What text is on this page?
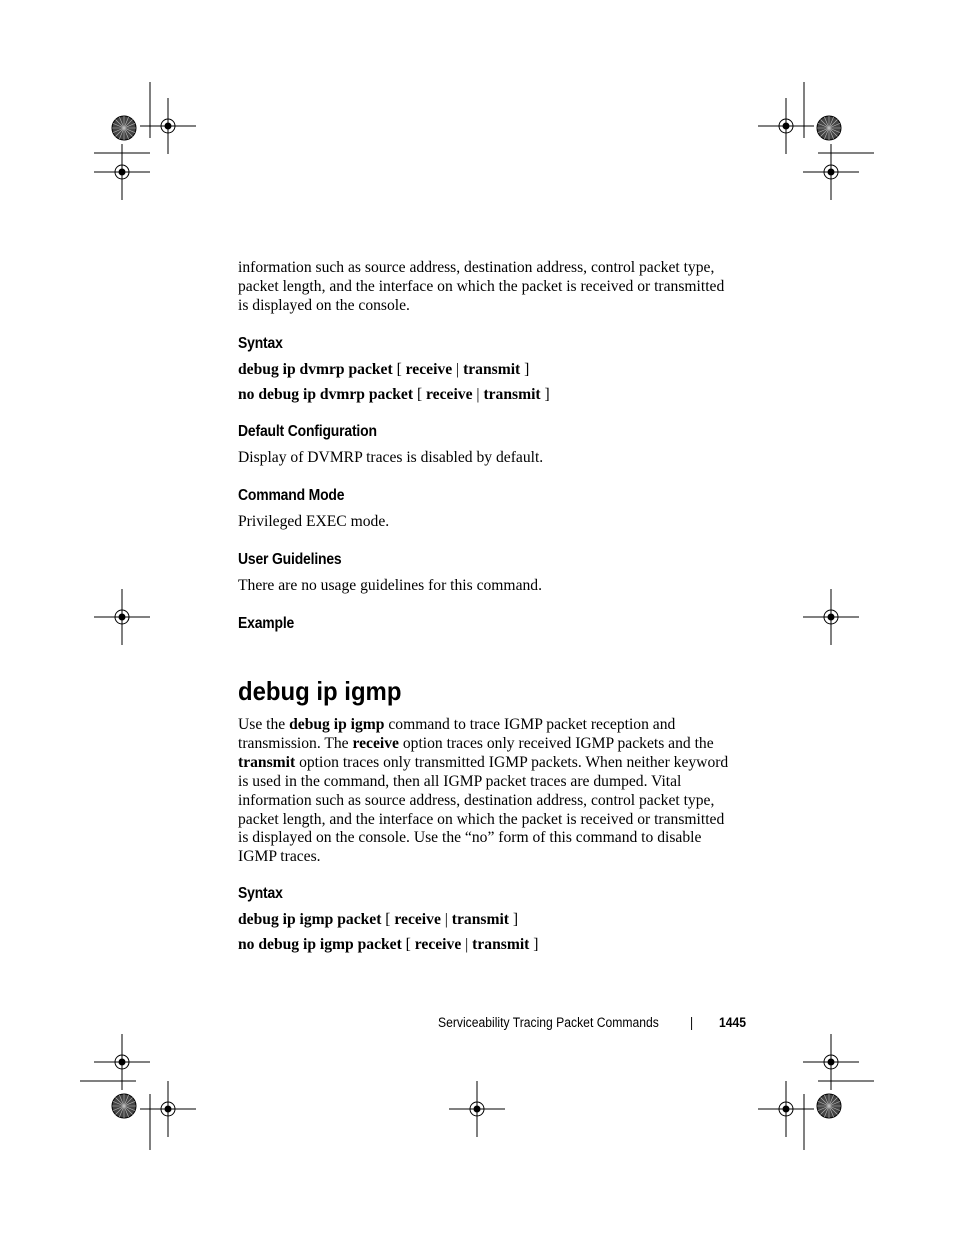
information such as source address, destination address, control packet type, packet length, and the interface on which the packet is received or transmitted is displayed on the console.

Syntax

debug ip dvmrp packet [ receive | transmit ]

no debug ip dvmrp packet [ receive | transmit ]

Default Configuration

Display of DVMRP traces is disabled by default.

Command Mode

Privileged EXEC mode.

User Guidelines

There are no usage guidelines for this command.

Example
debug ip igmp

Use the debug ip igmp command to trace IGMP packet reception and transmission. The receive option traces only received IGMP packets and the transmit option traces only transmitted IGMP packets. When neither keyword is used in the command, then all IGMP packet traces are dumped. Vital information such as source address, destination address, control packet type, packet length, and the interface on which the packet is received or transmitted is displayed on the console. Use the “no” form of this command to disable IGMP traces.

Syntax

debug ip igmp packet [ receive | transmit ]

no debug ip igmp packet [ receive | transmit ]

Serviceability Tracing Packet Commands | 1445
